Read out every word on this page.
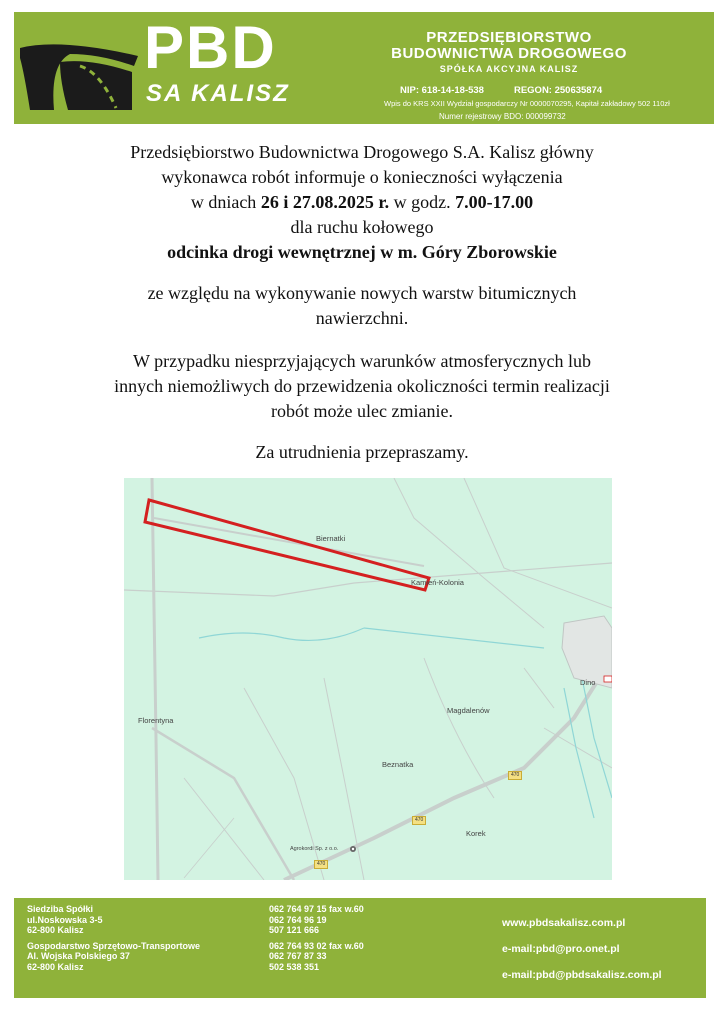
PBD
SA KALISZ
PRZEDSIĘBIORSTWO
BUDOWNICTWA DROGOWEGO
SPÓŁKA AKCYJNA KALISZ
NIP: 618-14-18-538	REGON: 250635874
Wpis do KRS XXII Wydział gospodarczy Nr 0000070295, Kapitał zakładowy 502 110zł
Numer rejestrowy BDO: 000099732

Przedsiębiorstwo Budownictwa Drogowego S.A. Kalisz główny

wykonawca robót informuje o konieczności wyłączenia

w dniach 26 i 27.08.2025 r. w godz. 7.00-17.00

dla ruchu kołowego

odcinka drogi wewnętrznej w m. Góry Zborowskie

ze względu na wykonywanie nowych warstw bitumicznych

nawierzchni.

W przypadku niesprzyjających warunków atmosferycznych lub

innych niemożliwych do przewidzenia okoliczności termin realizacji

robót może ulec zmianie.

Za utrudnienia przepraszamy.

Biernatki
Kamień-Kolonia
Dino
Florentyna
Magdalenów
Beznatka
Korek
Agrokordi Sp. z o.o.
470
470
470
Siedziba Spółki
ul.Noskowska 3-5
62-800 Kalisz
Gospodarstwo Sprzętowo-Transportowe
Al. Wojska Polskiego 37
62-800 Kalisz
062 764 97 15 fax w.60
062 764 96 19
507 121 666
062 764 93 02 fax w.60
062 767 87 33
502 538 351
www.pbdsakalisz.com.pl
e-mail:pbd@pro.onet.pl
e-mail:pbd@pbdsakalisz.com.pl
